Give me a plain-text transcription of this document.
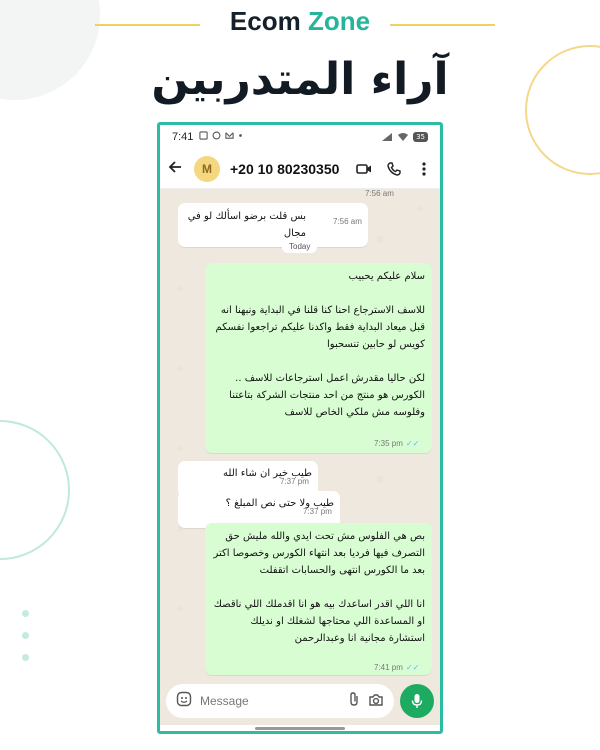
Ecom Zone
آراء المتدربين
7:41
	35
M	+20 10 80230350
7:56 am
بس قلت برضو اسألك لو في مجال
7:56 am
Today
سلام عليكم يحبيب
للاسف الاسترجاع احنا كنا قلنا في البداية ونبهنا انه قبل ميعاد البداية فقط واكدنا عليكم تراجعوا نفسكم كويس لو حابين تنسحبوا
لكن حاليا مقدرش اعمل استرجاعات للاسف .. الكورس هو منتج من احد منتجات الشركة بتاعتنا وفلوسه مش ملكي الخاص للاسف
7:35 pm ✓✓
طيب خير ان شاء الله
7:37 pm
طيب ولا حتى نص المبلغ ؟
7:37 pm
بص هي الفلوس مش تحت ايدي والله مليش حق التصرف فيها فرديا بعد انتهاء الكورس وخصوصا اكتر بعد ما الكورس انتهى والحسابات اتقفلت
انا اللي اقدر اساعدك بيه هو انا اقدملك اللي ناقصك او المساعدة اللي محتاجها لشغلك او نديلك استشارة مجانية انا وعبدالرحمن
7:41 pm ✓✓
Message
